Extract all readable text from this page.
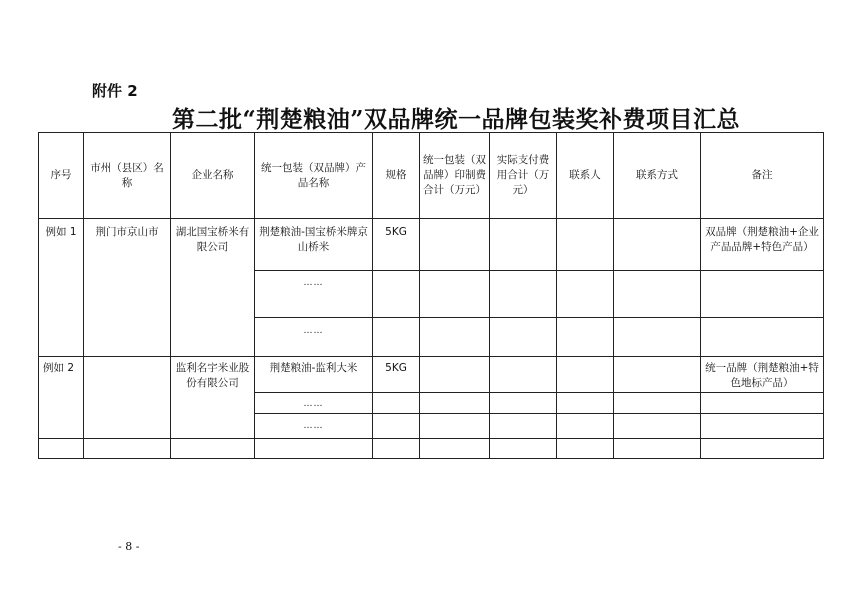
附件 2
第二批“荆楚粮油”双品牌统一品牌包装奖补费项目汇总
序号	市州（县区）名称	企业名称	统一包装（双品牌）产品名称	规格	统一包装（双品牌）印制费合计（万元）	实际支付费用合计（万元）	联系人	联系方式	备注
例如 1	荆门市京山市	湖北国宝桥米有限公司	荆楚粮油-国宝桥米牌京山桥米	5KG					双品牌（荆楚粮油+企业产品品牌+特色产品）
			……						
			……						
例如 2		监利名宇米业股份有限公司	荆楚粮油-监利大米	5KG					统一品牌（荆楚粮油+特色地标产品）
			……						
			……						

- 8 -
